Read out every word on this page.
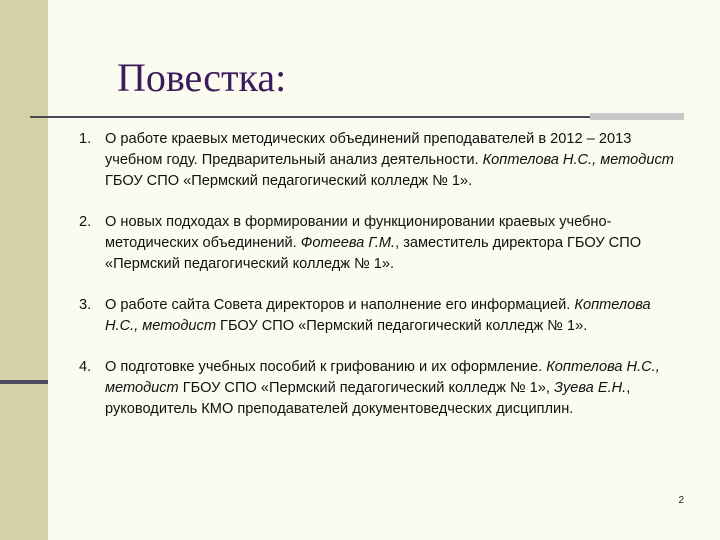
Повестка:
1. О работе краевых методических объединений преподавателей в 2012 – 2013 учебном году. Предварительный анализ деятельности. Коптелова Н.С., методист ГБОУ СПО «Пермский педагогический колледж № 1».
2. О новых подходах в формировании и функционировании краевых учебно-методических объединений. Фотеева Г.М., заместитель директора ГБОУ СПО «Пермский педагогический колледж № 1».
3. О работе сайта Совета директоров и наполнение его информацией. Коптелова Н.С., методист ГБОУ СПО «Пермский педагогический колледж № 1».
4. О подготовке учебных пособий к грифованию и их оформление. Коптелова Н.С., методист ГБОУ СПО «Пермский педагогический колледж № 1», Зуева Е.Н., руководитель КМО преподавателей документоведческих дисциплин.
2
